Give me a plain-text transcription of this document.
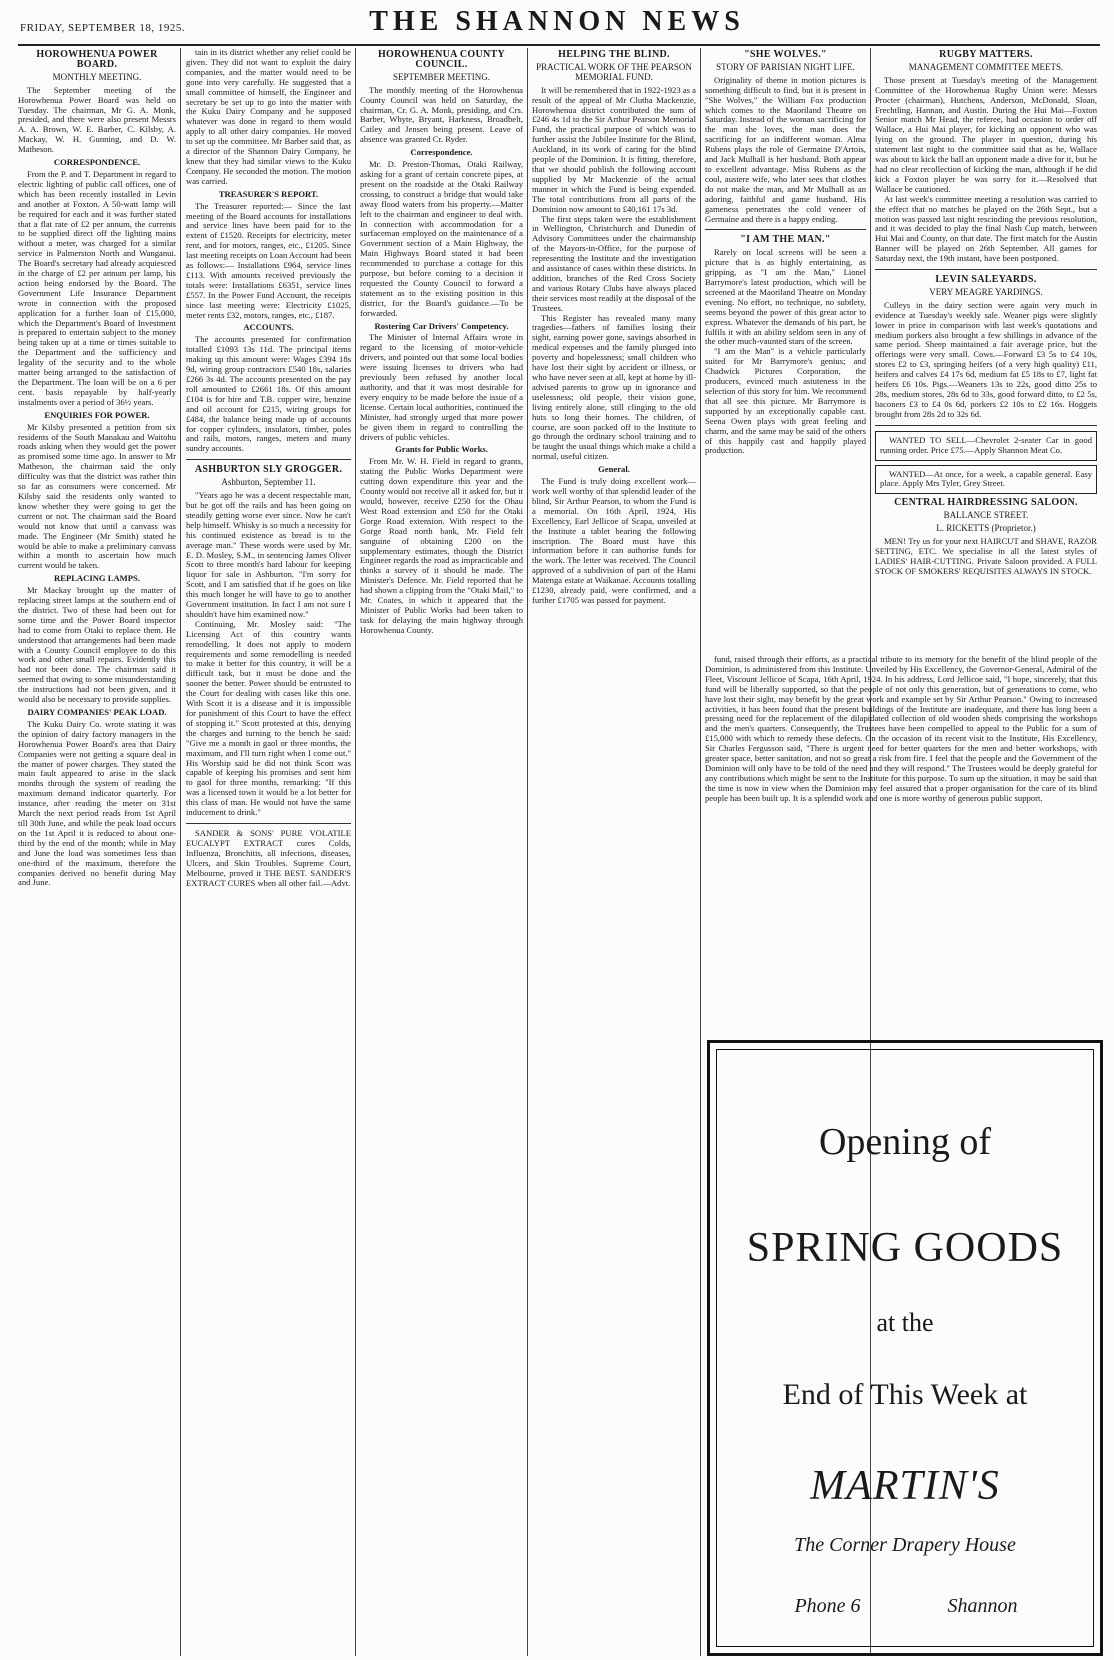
FRIDAY, SEPTEMBER 18, 1925.	THE SHANNON NEWS
HOROWHENUA POWER BOARD.
MONTHLY MEETING.

The September meeting of the Horowhenua Power Board was held on Tuesday. The chairman, Mr G. A. Monk, presided, and there were also present Messrs A. A. Brown, W. E. Barber, C. Kilsby, A. Mackay, W. H. Gunning, and D. W. Matheson.

CORRESPONDENCE.

From the P. and T. Department in regard to electric lighting of public call offices, one of which has been recently installed in Levin and another at Foxton. A 50-watt lamp will be required for each and it was further stated that a flat rate of £2 per annum, the currents to be supplied direct off the lighting mains without a meter, was charged for a similar service in Palmerston North and Wanganui. The Board's secretary had already acquiesced in the charge of £2 per annum per lamp, his action being endorsed by the Board. The Government Life Insurance Department wrote in connection with the proposed application for a further loan of £15,000, which the Department's Board of Investment is prepared to entertain subject to the money being taken up at a time or times suitable to the Department and the sufficiency and legality of the security and to the whole matter being arranged to the satisfaction of the Department. The loan will be on a 6 per cent. basis repayable by half-yearly instalments over a period of 36½ years.

ENQUIRIES FOR POWER.

Mr Kilsby presented a petition from six residents of the South Manakau and Waitohu roads asking when they would get the power as promised some time ago. In answer to Mr Matheson, the chairman said the only difficulty was that the district was rather thin so far as consumers were concerned. Mr Kilsby said the residents only wanted to know whether they were going to get the current or not. The chairman said the Board would not know that until a canvass was made. The Engineer (Mr Smith) stated he would be able to make a preliminary canvass within a month to ascertain how much current would be taken.

REPLACING LAMPS.

Mr Mackay brought up the matter of replacing street lamps at the southern end of the district. Two of these had been out for some time and the Power Board inspector had to come from Otaki to replace them. He understood that arrangements had been made with a County Council employee to do this work and other small repairs. Evidently this had not been done. The chairman said it seemed that owing to some misunderstanding the instructions had not been given, and it would also be necessary to provide supplies.

DAIRY COMPANIES' PEAK LOAD.

The Kuku Dairy Co. wrote stating it was the opinion of dairy factory managers in the Horowhenua Power Board's area that Dairy Companies were not getting a square deal in the matter of power charges. They stated the main fault appeared to arise in the slack months through the system of reading the maximum demand indicator quarterly. For instance, after reading the meter on 31st March the next period reads from 1st April till 30th June, and while the peak load occurs on the 1st April it is reduced to about one-third by the end of the month; while in May and June the load was sometimes less than one-third of the maximum, therefore the companies derived no benefit during May and June.

tain in its district whether any relief could be given. They did not want to exploit the dairy companies, and the matter would need to be gone into very carefully. He suggested that a small committee of himself, the Engineer and secretary be set up to go into the matter with the Kuku Dairy Company and he supposed whatever was done in regard to them would apply to all other dairy companies. He moved to set up the committee. Mr Barber said that, as a director of the Shannon Dairy Company, he knew that they had similar views to the Kuku Company. He seconded the motion. The motion was carried.

TREASURER'S REPORT.

The Treasurer reported:— Since the last meeting of the Board accounts for installations and service lines have been paid for to the extent of £1520. Receipts for electricity, meter rent, and for motors, ranges, etc., £1205. Since last meeting receipts on Loan Account had been as follows:— Installations £964, service lines £113. With amounts received previously the totals were: Installations £6351, service lines £557. In the Power Fund Account, the receipts since last meeting were: Electricity £1025, meter rents £32, motors, ranges, etc., £187.

ACCOUNTS.

The accounts presented for confirmation totalled £1093 13s 11d. The principal items making up this amount were: Wages £394 18s 9d, wiring group contractors £540 18s, salaries £266 3s 4d. The accounts presented on the pay roll amounted to £2661 18s. Of this amount £104 is for hire and T.B. copper wire, benzine and oil account for £215, wiring groups for £484, the balance being made up of accounts for copper cylinders, insulators, timber, poles and rails, motors, ranges, meters and many sundry accounts.

ASHBURTON SLY GROGGER.
Ashburton, September 11.

"Years ago he was a decent respectable man, but he got off the rails and has been going on steadily getting worse ever since. Now he can't help himself. Whisky is so much a necessity for his continued existence as bread is to the average man." These words were used by Mr. E. D. Mosley, S.M., in sentencing James Oliver Scott to three month's hard labour for keeping liquor for sale in Ashburton. "I'm sorry for Scott, and I am satisfied that if he goes on like this much longer he will have to go to another Government institution. In fact I am not sure I shouldn't have him examined now."

Continuing, Mr. Mosley said: "The Licensing Act of this country wants remodelling. It does not apply to modern requirements and some remodelling is needed to make it better for this country, it will be a difficult task, but it must be done and the sooner the better. Power should be entrusted to the Court for dealing with cases like this one. With Scott it is a disease and it is impossible for punishment of this Court to have the effect of stopping it." Scott protested at this, denying the charges and turning to the bench he said: "Give me a month in gaol or three months, the maximum, and I'll turn right when I come out." His Worship said he did not think Scott was capable of keeping his promises and sent him to gaol for three months, remarking: "If this was a licensed town it would be a lot better for this class of man. He would not have the same inducement to drink."

SANDER & SONS' PURE VOLATILE EUCALYPT EXTRACT cures Colds, Influenza, Bronchitis, all infections, diseases, Ulcers, and Skin Troubles. Supreme Court, Melbourne, proved it THE BEST. SANDER'S EXTRACT CURES when all other fail.—Advt.

HOROWHENUA COUNTY COUNCIL.
SEPTEMBER MEETING.

The monthly meeting of the Horowhenua County Council was held on Saturday, the chairman, Cr. G. A. Monk, presiding, and Crs. Barber, Whyte, Bryant, Harkness, Broadbelt, Catley and Jensen being present. Leave of absence was granted Cr. Ryder.

Correspondence.

Mr. D. Preston-Thomas, Otaki Railway, asking for a grant of certain concrete pipes, at present on the roadside at the Otaki Railway crossing, to construct a bridge that would take away flood waters from his property.—Matter left to the chairman and engineer to deal with. In connection with accommodation for a surfaceman employed on the maintenance of a Government section of a Main Highway, the Main Highways Board stated it had been recommended to purchase a cottage for this purpose, but before coming to a decision it requested the County Council to forward a statement as to the existing position in this district, for the Board's guidance.—To be forwarded.

Rostering Car Drivers' Competency.

The Minister of Internal Affairs wrote in regard to the licensing of motor-vehicle drivers, and pointed out that some local bodies were issuing licenses to drivers who had previously been refused by another local authority, and that it was most desirable for every enquiry to be made before the issue of a license. Certain local authorities, continued the Minister, had strongly urged that more power be given them in regard to controlling the drivers of public vehicles.

Grants for Public Works.

From Mr. W. H. Field in regard to grants, stating the Public Works Department were cutting down expenditure this year and the County would not receive all it asked for, but it would, however, receive £250 for the Ohau West Road extension and £50 for the Otaki Gorge Road extension. With respect to the Gorge Road north bank, Mr. Field felt sanguine of obtaining £200 on the supplementary estimates, though the District Engineer regards the road as impracticable and thinks a survey of it should be made. The Minister's Defence. Mr. Field reported that he had shown a clipping from the "Otaki Mail," to Mr. Coates, in which it appeared that the Minister of Public Works had been taken to task for delaying the main highway through Horowhenua County.

HELPING THE BLIND.
PRACTICAL WORK OF THE PEARSON MEMORIAL FUND.

It will be remembered that in 1922-1923 as a result of the appeal of Mr Clutha Mackenzie, Horowhenua district contributed the sum of £246 4s 1d to the Sir Arthur Pearson Memorial Fund, the practical purpose of which was to further assist the Jubilee Institute for the Blind, Auckland, in its work of caring for the blind people of the Dominion. It is fitting, therefore, that we should publish the following account supplied by Mr Mackenzie of the actual manner in which the Fund is being expended. The total contributions from all parts of the Dominion now amount to £40,161 17s 3d.

The first steps taken were the establishment in Wellington, Christchurch and Dunedin of Advisory Committees under the chairmanship of the Mayors-in-Office, for the purpose of representing the Institute and the investigation and assistance of cases within these districts. In addition, branches of the Red Cross Society and various Rotary Clubs have always placed their services most readily at the disposal of the Trustees.

This Register has revealed many many tragedies—fathers of families losing their sight, earning power gone, savings absorbed in medical expenses and the family plunged into poverty and hopelessness; small children who have lost their sight by accident or illness, or who have never seen at all, kept at home by ill-advised parents to grow up in ignorance and uselessness; old people, their vision gone, living entirely alone, still clinging to the old huts so long their homes. The children, of course, are soon packed off to the Institute to go through the ordinary school training and to be taught the usual things which make a child a normal, useful citizen.

General.

The Fund is truly doing excellent work—work well worthy of that splendid leader of the blind, Sir Arthur Pearson, to whom the Fund is a memorial. On 16th April, 1924, His Excellency, Earl Jellicoe of Scapa, unveiled at the Institute a tablet bearing the following inscription. The Board must have this information before it can authorise funds for the work. The letter was received. The Council approved of a subdivision of part of the Hami Matenga estate at Waikanae. Accounts totalling £1230, already paid, were confirmed, and a further £1705 was passed for payment.

"SHE WOLVES."
STORY OF PARISIAN NIGHT LIFE.

Originality of theme in motion pictures is something difficult to find, but it is present in "She Wolves," the William Fox production which comes to the Maoriland Theatre on Saturday. Instead of the woman sacrificing for the man she loves, the man does the sacrificing for an indifferent woman. Alma Rubens plays the role of Germaine D'Artois, and Jack Mulhall is her husband. Both appear to excellent advantage. Miss Rubens as the cool, austere wife, who later sees that clothes do not make the man, and Mr Mulhall as an adoring, faithful and game husband. His gameness penetrates the cold veneer of Germaine and there is a happy ending.

"I AM THE MAN."

Rarely on local screens will be seen a picture that is as highly entertaining, as gripping, as "I am the Man," Lionel Barrymore's latest production, which will be screened at the Maoriland Theatre on Monday evening. No effort, no technique, no subtlety, seems beyond the power of this great actor to express. Whatever the demands of his part, he fulfils it with an ability seldom seen in any of the other much-vaunted stars of the screen.

"I am the Man" is a vehicle particularly suited for Mr Barrymore's genius; and Chadwick Pictures Corporation, the producers, evinced much astuteness in the selection of this story for him. We recommend that all see this picture. Mr Barrymore is supported by an exceptionally capable cast. Seena Owen plays with great feeling and charm, and the same may be said of the others of this happily cast and happily played production.

RUGBY MATTERS.
MANAGEMENT COMMITTEE MEETS.

Those present at Tuesday's meeting of the Management Committee of the Horowhenua Rugby Union were: Messrs Procter (chairman), Hutchens, Anderson, McDonald, Sloan, Frechtling, Hannan, and Austin. During the Hui Mai—Foxton Senior match Mr Head, the referee, had occasion to order off Wallace, a Hui Mai player, for kicking an opponent who was lying on the ground. The player in question, during his statement last night to the committee said that as he, Wallace was about to kick the ball an opponent made a dive for it, but he had no clear recollection of kicking the man, although if he did kick a Foxton player he was sorry for it.—Resolved that Wallace be cautioned.

At last week's committee meeting a resolution was carried to the effect that no matches be played on the 26th Sept., but a motion was passed last night rescinding the previous resolution, and it was decided to play the final Nash Cup match, between Hui Mai and County, on that date. The first match for the Austin Banner will be played on 26th September. All games for Saturday next, the 19th instant, have been postponed.

LEVIN SALEYARDS.
VERY MEAGRE YARDINGS.

Culleys in the dairy section were again very much in evidence at Tuesday's weekly sale. Weaner pigs were slightly lower in price in comparison with last week's quotations and medium porkers also brought a few shillings in advance of the same period. Sheep maintained a fair average price, but the offerings were very small. Cows.—Forward £3 5s to £4 10s, stores £2 to £3, springing heifers (of a very high quality) £11, heifers and calves £4 17s 6d, medium fat £5 18s to £7, light fat heifers £6 10s. Pigs.—Weaners 13s to 22s, good ditto 25s to 28s, medium stores, 28s 6d to 33s, good forward ditto, to £2 5s, baconers £3 to £4 0s 6d, porkers £2 10s to £2 16s. Hoggets brought from 28s 2d to 32s 6d.

WANTED TO SELL—Chevrolet 2-seater Car in good running order. Price £75.—Apply Shannon Meat Co.

WANTED—At once, for a week, a capable general. Easy place. Apply Mrs Tyler, Grey Street.

CENTRAL HAIRDRESSING SALOON.
BALLANCE STREET.
L. RICKETTS (Proprietor.)

MEN! Try us for your next HAIRCUT and SHAVE, RAZOR SETTING, ETC. We specialise in all the latest styles of LADIES' HAIR-CUTTING. Private Saloon provided. A FULL STOCK OF SMOKERS' REQUISITES ALWAYS IN STOCK.

fund, raised through their efforts, as a practical tribute to its memory for the benefit of the blind people of the Dominion, is administered from this Institute. Unveiled by His Excellency, the Governor-General, Admiral of the Fleet, Viscount Jellicoe of Scapa, 16th April, 1924. In his address, Lord Jellicoe said, "I hope, sincerely, that this fund will be liberally supported, so that the people of not only this generation, but of generations to come, who have lost their sight, may benefit by the great work and example set by Sir Arthur Pearson." Owing to increased activities, it has been found that the present buildings of the Institute are inadequate, and there has long been a pressing need for the replacement of the dilapidated collection of old wooden sheds comprising the workshops and the men's quarters. Consequently, the Trustees have been compelled to appeal to the Public for a sum of £15,000 with which to remedy these defects. On the occasion of its recent visit to the Institute, His Excellency, Sir Charles Fergusson said, "There is urgent need for better quarters for the men and better workshops, with greater space, better sanitation, and not so great a risk from fire. I feel that the people and the Government of the Dominion will only have to be told of the need and they will respond." The Trustees would be deeply grateful for any contributions which might be sent to the Institute for this purpose. To sum up the situation, it may be said that the time is now in view when the Dominion may feel assured that a proper organisation for the care of its blind people has been built up. It is a splendid work and one is more worthy of generous public support.

Opening of
SPRING GOODS
at the
End of This Week at
MARTIN'S
The Corner Drapery House
Phone 6	Shannon
